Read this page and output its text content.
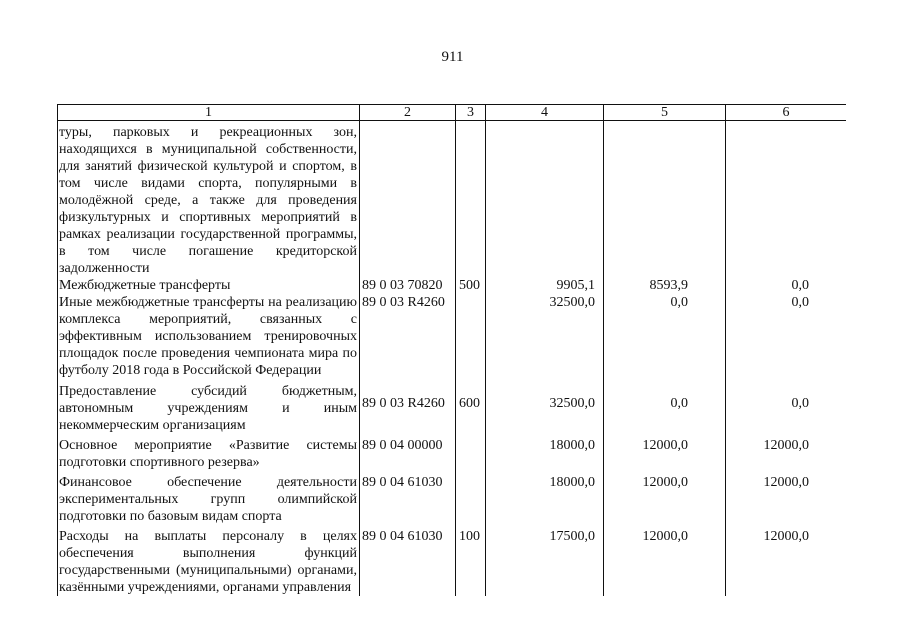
911
1	2	3	4	5	6
туры, парковых и рекреационных зон, находящихся в муниципальной собственности, для занятий физической культурой и спортом, в том числе видами спорта, популярными в молодёжной среде, а также для проведения физкультурных и спортивных мероприятий в рамках реализации государственной программы, в том числе погашение кредиторской задолженности					
Межбюджетные трансферты	89 0 03 70820	500	9905,1	8593,9	0,0
Иные межбюджетные трансферты на реализацию комплекса мероприятий, связанных с эффективным использованием тренировочных площадок после проведения чемпионата мира по футболу 2018 года в Российской Федерации	89 0 03 R4260		32500,0	0,0	0,0
Предоставление субсидий бюджетным, автономным учреждениям и иным некоммерческим организациям	89 0 03 R4260	600	32500,0	0,0	0,0
Основное мероприятие «Развитие системы подготовки спортивного резерва»	89 0 04 00000		18000,0	12000,0	12000,0
Финансовое обеспечение деятельности экспериментальных групп олимпийской подготовки по базовым видам спорта	89 0 04 61030		18000,0	12000,0	12000,0
Расходы на выплаты персоналу в целях обеспечения выполнения функций государственными (муниципальными) органами, казёнными учреждениями, органами управления	89 0 04 61030	100	17500,0	12000,0	12000,0
